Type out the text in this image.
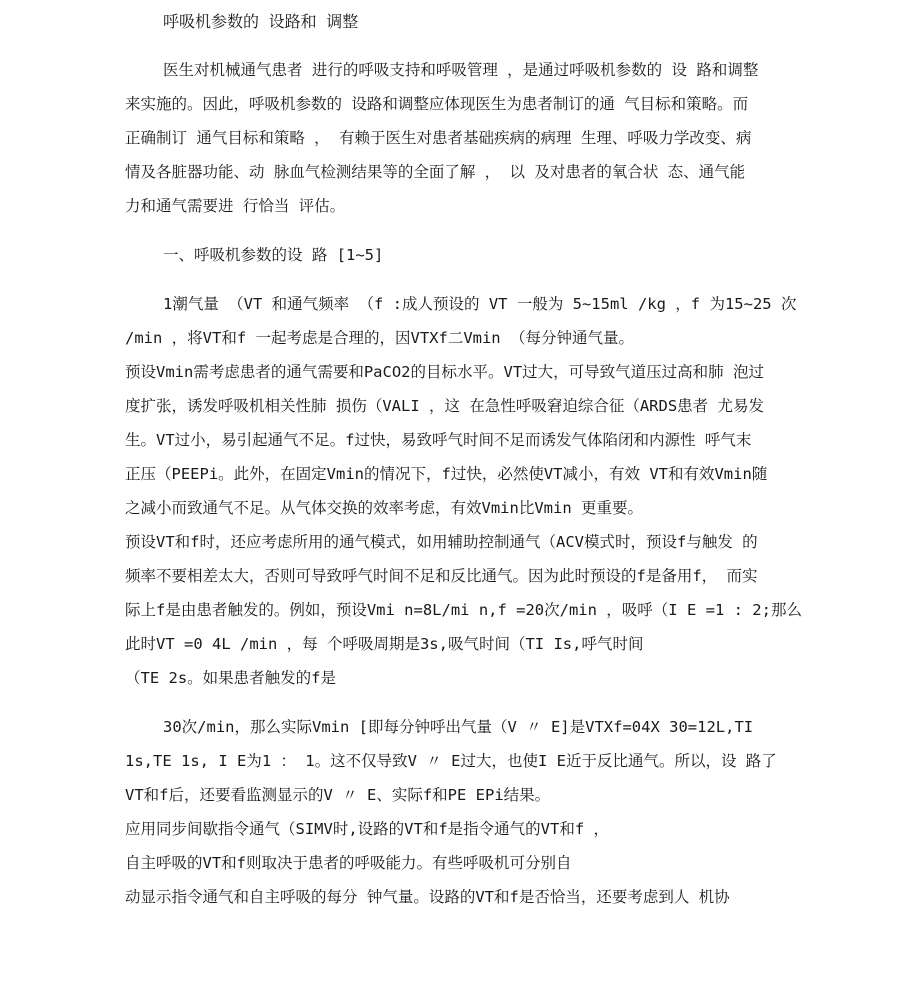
呼吸机参数的 设路和 调整

医生对机械通气患者 进行的呼吸支持和呼吸管理 ，是通过呼吸机参数的 设 路和调整

来实施的。因此，呼吸机参数的 设路和调整应体现医生为患者制订的通 气目标和策略。而

正确制订 通气目标和策略 ， 有赖于医生对患者基础疾病的病理 生理、呼吸力学改变、病

情及各脏器功能、动 脉血气检测结果等的全面了解 ， 以 及对患者的氧合状 态、通气能

力和通气需要进 行恰当 评估。

一、呼吸机参数的设 路 [1~5]

1潮气量 （VT 和通气频率 （f :成人预设的 VT 一般为 5~15ml /kg ，f 为15~25 次

/min ，将VT和f 一起考虑是合理的，因VTXf二Vmin （每分钟通气量。

预设Vmin需考虑患者的通气需要和PaCO2的目标水平。VT过大，可导致气道压过高和肺 泡过

度扩张，诱发呼吸机相关性肺 损伤（VALI ，这 在急性呼吸窘迫综合征（ARDS患者 尤易发

生。VT过小，易引起通气不足。f过快，易致呼气时间不足而诱发气体陷闭和内源性 呼气末

正压（PEEPi。此外，在固定Vmin的情况下，f过快，必然使VT减小，有效 VT和有效Vmin随

之减小而致通气不足。从气体交换的效率考虑，有效Vmin比Vmin 更重要。

预设VT和f时，还应考虑所用的通气模式，如用辅助控制通气（ACV模式时，预设f与触发 的

频率不要相差太大，否则可导致呼气时间不足和反比通气。因为此时预设的f是备用f， 而实

际上f是由患者触发的。例如，预设Vmi n=8L/mi n,f =20次/min ，吸呼（I E =1 : 2;那么

此时VT =0 4L /min ，每 个呼吸周期是3s,吸气时间（TI Is,呼气时间

（TE 2s。如果患者触发的f是

30次/min，那么实际Vmin [即每分钟呼出气量（V 〃 E]是VTXf=04X 30=12L,TI

1s,TE 1s, I E为1 ： 1。这不仅导致V 〃 E过大，也使I E近于反比通气。所以，设 路了

VT和f后，还要看监测显示的V 〃 E、实际f和PE EPi结果。

应用同步间歇指令通气（SIMV时,设路的VT和f是指令通气的VT和f ，

自主呼吸的VT和f则取决于患者的呼吸能力。有些呼吸机可分别自

动显示指令通气和自主呼吸的每分 钟气量。设路的VT和f是否恰当，还要考虑到人 机协
